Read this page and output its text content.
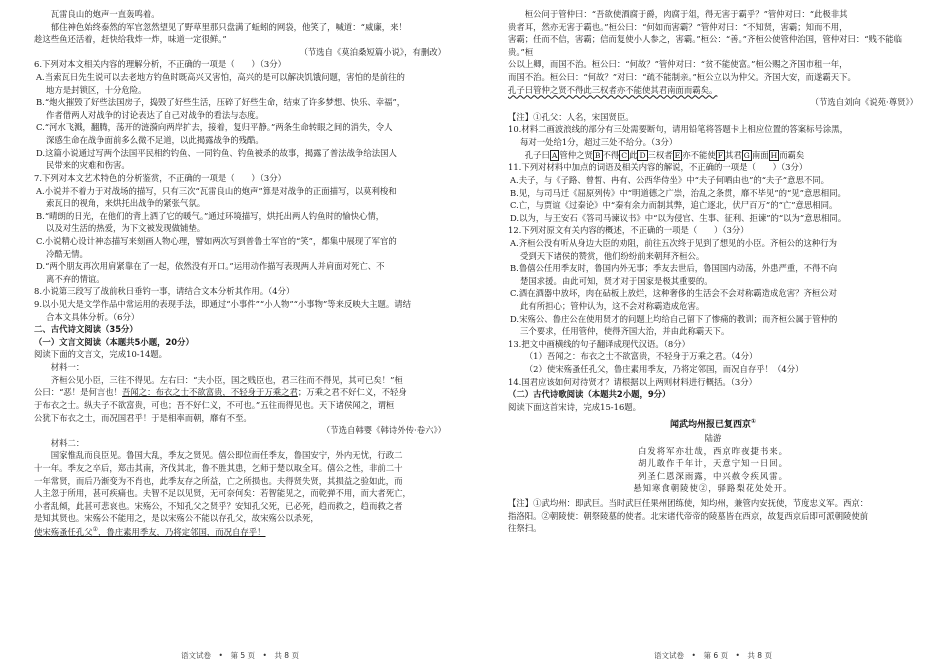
瓦雷良山的炮声一直轰鸣着。

郁住神色始终泰然的军官忽然望见了野草里那只盘满了蚯蚓的网袋，他笑了，喊道：“威廉，来！

趁这些鱼还活着，赶快给我炸一炸，味道一定很鲜。”

（节选自《莫泊桑短篇小说》，有删改）

6.下列对本文相关内容的理解分析，不正确的一项是（　　）（3分）

A.当索瓦日先生说可以去老地方钓鱼时既高兴又害怕，高兴的是可以解决饥饿问题，害怕的是前往的

地方是封锁区，十分危险。

B.“炮火摧毁了好些法国房子，捣毁了好些生活，压碎了好些生命，结束了许多梦想、快乐、幸福”，

作者借两人对战争的讨论表达了自己对战争的看法与态度。

C.“河水飞溅，翻腾，荡开的涟漪向两岸扩去，接着，复归平静。”两条生命转眼之间的消失，令人

深感生命在战争面前多么微不足道，以此揭露战争的残酷。

D.这篇小说通过写两个法国平民相约钓鱼、一同钓鱼、钓鱼被杀的故事，揭露了普法战争给法国人

民带来的灾难和伤害。

7.下列对本文艺术特色的分析鉴赏，不正确的一项是（　　）（3分）

A.小说并不着力于对战场的描写，只有三次“瓦雷良山的炮声”算是对战争的正面描写，以莫利梭和

索瓦日的视角，来烘托出战争的紧张气氛。

B.“晴朗的日光，在他们的背上洒了它的暖气。”通过环境描写，烘托出两人钓鱼时的愉快心情，

以及对生活的热爱，为下文被发现做铺垫。

C.小说精心设计神态描写来刻画人物心理，譬如两次写到普鲁士军官的“笑”，都集中展现了军官的

冷酷无情。

D.“两个朋友再次用肩紧靠在了一起，依然没有开口。”运用动作描写表现两人并肩面对死亡、不

离不弃的情谊。

8.小说第三段写了战前秋日垂钓一事，请结合文本分析其作用。（4分）

9.以小见大是文学作品中常运用的表现手法，即通过“小事件”“小人物”“小事物”等来反映大主题。请结

合本文具体分析。（6分）

二、古代诗文阅读（35分）

（一）文言文阅读（本题共5小题，20分）

阅读下面的文言文，完成10-14题。

材料一：

齐桓公见小臣，三往不得见。左右曰：“夫小臣，国之贱臣也，君三往而不得见，其可已矣！”桓

公曰：“恶！是何言也！吾闻之：布衣之士不欲富贵，不轻身于万乘之君；万乘之君不好仁义，不轻身

于布衣之士。纵夫子不欲富贵，可也；吾不好仁义，不可也。”五往而得见也。天下诸侯闻之，谓桓

公犹下布衣之士，而况国君乎！于是相率而朝，靡有不至。

（节选自韩婴《韩诗外传·卷六》）

材料二：

国家惟乱而良臣见。鲁国大乱，季友之贤见。僖公即位而任季友，鲁国安宁，外内无忧，行政二

十一年。季友之卒后，郑击其南，齐伐其北，鲁不胜其患，乞师于楚以取全耳。僖公之性，非前二十

一年常贤，而后乃渐变为不肖也，此季友存之所益，亡之所损也。夫得贤失贤，其损益之验如此，而

人主忽于所用，甚可疾痛也。夫智不足以见贤，无可奈何矣：若智能见之，而乾弹不用，而大者死亡，

小者乱倾，此甚可悲哀也。宋殇公，不知孔父之贤乎？安知孔父死，已必死，趋而救之，趋而救之者

是知其贤也。宋殇公不能用之，是以宋殇公不能以存孔父，故宋殇公以杀死，

使宋殇蚤任孔父①，鲁庄素用季友，乃将定邻国，而况自存乎！

语文试卷　•　第 5 页　•　共 8 页

桓公问于管仲曰：“吾欲使酒腐于爵，肉腐于俎，得无害于霸乎？”管仲对曰：“此极非其

贵者耳，然亦无害于霸也。”桓公曰：“何如而害霸？”管仲对曰：“不知贤，害霸；知而不用，

害霸；任而不信，害霸；信而复使小人参之，害霸。”桓公：“善。”齐桓公使管仲治国，管仲对曰：“贱不能临贵。”桓

公以上卿，而国不治。桓公曰：“何故？”管仲对曰：“贫不能使富。”桓公赐之齐国市租一年，

而国不治。桓公曰：“何故？”对曰：“疏不能制亲。”桓公立以为仲父。齐国大安，而遂霸天下。

孔子曰管仲之贤不得此三权者亦不能使其君南面而霸矣。

（节选自刘向《说苑·尊贤》）

【注】①孔父：人名，宋国贤臣。

10.材料二画波浪线的部分有三处需要断句，请用铅笔将答题卡上相应位置的答案标号涂黑，

每对一处给1分，超过三处不给分。（3分）

孔子曰 A 管仲之贤 B 不得 C 此 D 三权者 E 亦不能使 F 其君 G 南面 H 而霸矣

11.下列对材料中加点的词语及相关内容的解说，不正确的一项是（　　）（3分）

A.夫子，与《子路、曾皙、冉有、公西华侍坐》中“夫子何哂由也”的“夫子”意思不同。

B.见，与司马迁《屈原列传》中“明道德之广崇，治乱之条贯，靡不毕见”的“见”意思相同。

C.亡，与贾谊《过秦论》中“秦有余力而制其弊，追亡逐北，伏尸百万”的“亡”意思相同。

D.以为，与王安石《答司马谏议书》中“以为侵官、生事、征利、拒谏”的“以为”意思相同。

12.下列对原文有关内容的概述，不正确的一项是（　　）（3分）

A.齐桓公没有听从身边大臣的劝阻，前往五次终于见到了想见的小臣。齐桓公的这种行为

受到天下诸侯的赞赏，他们纷纷前来朝拜齐桓公。

B.鲁僖公任用季友时，鲁国内外无事；季友去世后，鲁国国内动荡，外患严重，不得不向

楚国求援。由此可知，贤才对于国家是极其重要的。

C.酒在酒器中放坏，肉在砧板上放烂，这种奢侈的生活会不会对称霸造成危害？齐桓公对

此有所担心；管仲认为，这不会对称霸造成危害。

D.宋殇公、鲁庄公在使用贤才的问题上均给自己留下了惨痛的教训；而齐桓公属于管仲的

三个要求，任用管仲，使得齐国大治，并由此称霸天下。

13.把文中画横线的句子翻译成现代汉语。（8分）

（1）吾闻之：布衣之士不欲富贵，不轻身于万乘之君。（4分）

（2）使宋殇蚤任孔父，鲁庄素用季友，乃将定邻国，而况自存乎！（4分）

14.国君应该如何对待贤才？请根据以上两则材料进行概括。（3分）

（二）古代诗歌阅读（本题共2小题，9分）

阅读下面这首宋诗，完成15-16题。

闻武均州报已复西京①

陆游

白发将军亦壮哉，西京昨夜捷书来。

胡儿敢作千年计，天意宁知一日回。

列圣仁恩深雨露，中兴赦令疾风雷。

悬知寒食朝陵使②，驿路梨花处处开。

【注】①武均州：即武巨。当时武巨任果州团练使，知均州，兼管内安抚使，节度忠义军。西京：

指洛阳。②朝陵使：朝祭陵墓的使者。北宋诸代帝帝的陵墓皆在西京，故复西京后即可派朝陵使前

往祭扫。

语文试卷　•　第 6 页　•　共 8 页
